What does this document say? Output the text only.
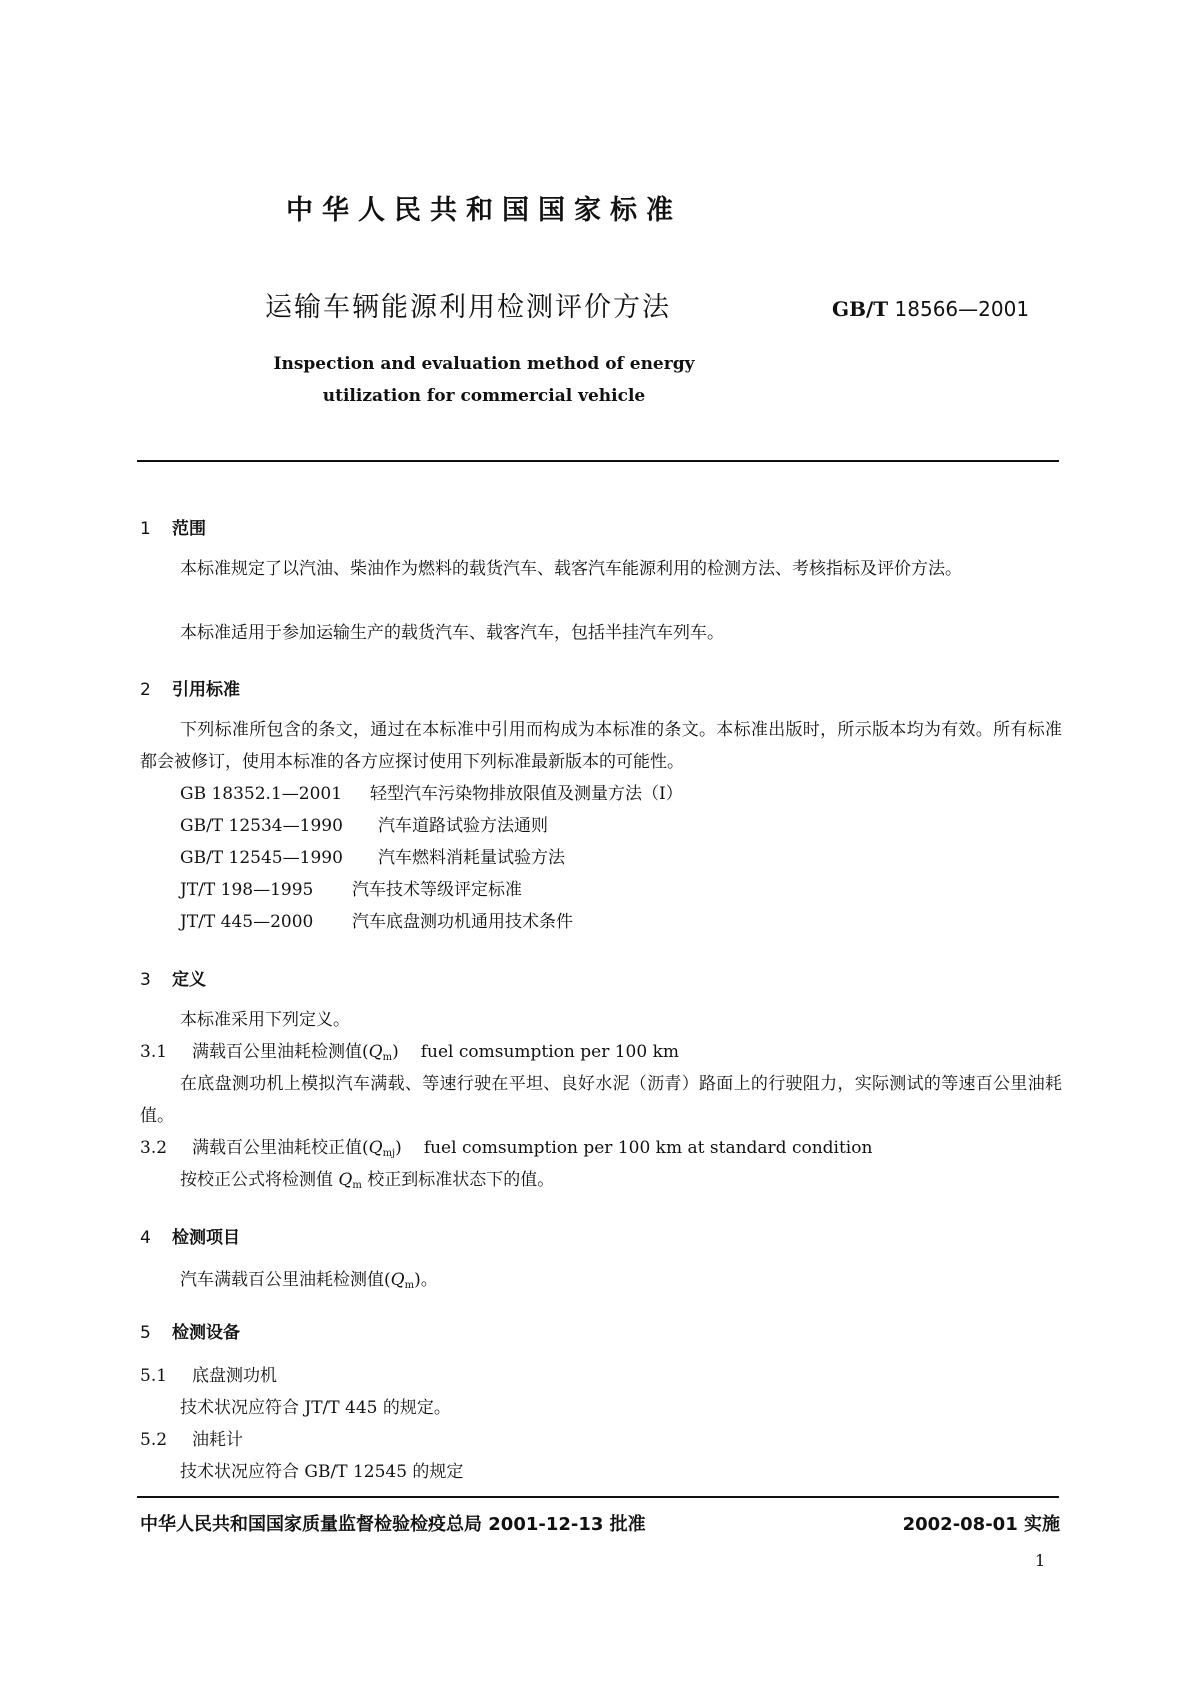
中华人民共和国国家标准
运输车辆能源利用检测评价方法	GB/T 18566—2001
Inspection and evaluation method of energy
utilization for commercial vehicle
1 范围
本标准规定了以汽油、柴油作为燃料的载货汽车、载客汽车能源利用的检测方法、考核指标及评价方法。
本标准适用于参加运输生产的载货汽车、载客汽车，包括半挂汽车列车。
2 引用标准
下列标准所包含的条文，通过在本标准中引用而构成为本标准的条文。本标准出版时，所示版本均为有效。所有标准都会被修订，使用本标准的各方应探讨使用下列标准最新版本的可能性。
GB 18352.1—2001 轻型汽车污染物排放限值及测量方法（Ⅰ）
GB/T 12534—1990 汽车道路试验方法通则
GB/T 12545—1990 汽车燃料消耗量试验方法
JT/T 198—1995 汽车技术等级评定标准
JT/T 445—2000 汽车底盘测功机通用技术条件
3 定义
本标准采用下列定义。
3.1 满载百公里油耗检测值$(Q_m)$ fuel comsumption per 100 km
在底盘测功机上模拟汽车满载、等速行驶在平坦、良好水泥（沥青）路面上的行驶阻力，实际测试的等速百公里油耗值。
3.2 满载百公里油耗校正值$(Q_{mj})$ fuel comsumption per 100 km at standard condition
按校正公式将检测值 $Q_m$ 校正到标准状态下的值。
4 检测项目
汽车满载百公里油耗检测值$(Q_m)$。
5 检测设备
5.1 底盘测功机
技术状况应符合 JT/T 445 的规定。
5.2 油耗计
技术状况应符合 GB/T 12545 的规定
中华人民共和国国家质量监督检验检疫总局 2001-12-13 批准	2002-08-01 实施
1
